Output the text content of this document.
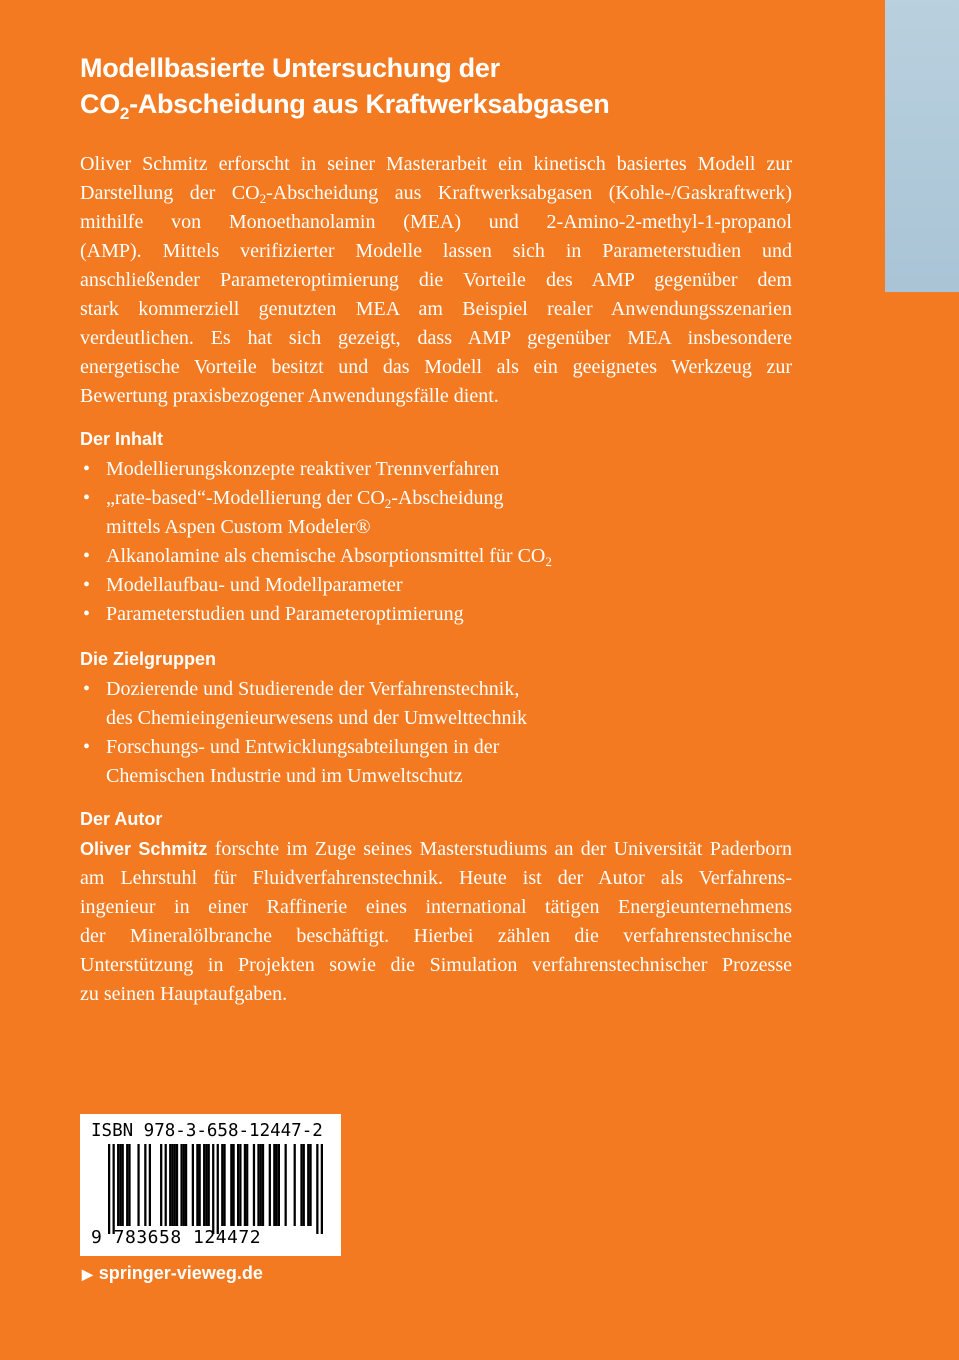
Modellbasierte Untersuchung der
$CO_2$-Abscheidung aus Kraftwerksabgasen
Oliver Schmitz erforscht in seiner Masterarbeit ein kinetisch basiertes Modell zur
Darstellung der $CO_2$-Abscheidung aus Kraftwerksabgasen (Kohle-/Gaskraftwerk)
mithilfe von Monoethanolamin (MEA) und 2-Amino-2-methyl-1-propanol
(AMP). Mittels verifizierter Modelle lassen sich in Parameterstudien und
anschließender Parameteroptimierung die Vorteile des AMP gegenüber dem
stark kommerziell genutzten MEA am Beispiel realer Anwendungsszenarien
verdeutlichen. Es hat sich gezeigt, dass AMP gegenüber MEA insbesondere
energetische Vorteile besitzt und das Modell als ein geeignetes Werkzeug zur
Bewertung praxisbezogener Anwendungsfälle dient.
Der Inhalt
• Modellierungskonzepte reaktiver Trennverfahren
• „rate-based“-Modellierung der $CO_2$-Abscheidung
mittels Aspen Custom Modeler®
• Alkanolamine als chemische Absorptionsmittel für $CO_2$
• Modellaufbau- und Modellparameter
• Parameterstudien und Parameteroptimierung
Die Zielgruppen
• Dozierende und Studierende der Verfahrenstechnik,
des Chemieingenieurwesens und der Umwelttechnik
• Forschungs- und Entwicklungsabteilungen in der
Chemischen Industrie und im Umweltschutz
Der Autor
Oliver Schmitz forschte im Zuge seines Masterstudiums an der Universität Paderborn
am Lehrstuhl für Fluidverfahrenstechnik. Heute ist der Autor als Verfahrens-
ingenieur in einer Raffinerie eines international tätigen Energieunternehmens
der Mineralölbranche beschäftigt. Hierbei zählen die verfahrenstechnische
Unterstützung in Projekten sowie die Simulation verfahrenstechnischer Prozesse
zu seinen Hauptaufgaben.
ISBN 978-3-658-12447-2
9 783658 124472
▶ springer-vieweg.de
